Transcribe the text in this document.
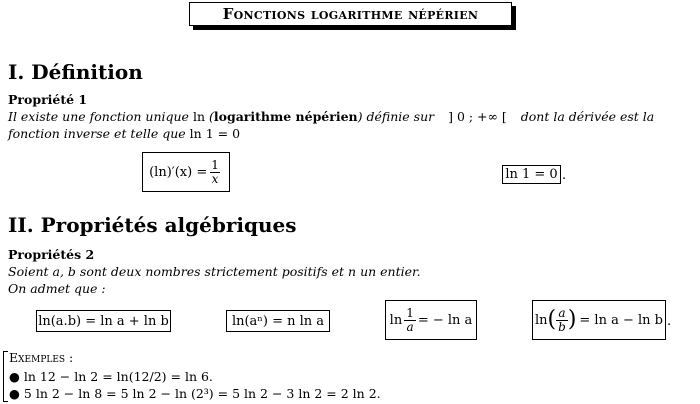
Fonctions logarithme népérien
I. Définition
Propriété 1
Il existe une fonction unique ln (logarithme népérien) définie sur ] 0 ; +∞ [ dont la dérivée est la
fonction inverse et telle que ln 1 = 0
$(\ln)'(x) = \frac{1}{x}$	ln 1 = 0 .
II. Propriétés algébriques
Propriétés 2
Soient a, b sont deux nombres strictement positifs et n un entier.
On admet que :
ln(a.b) = ln a + ln b	ln(aⁿ) = n ln a	$\ln \frac{1}{a}$ = − ln a	ln ( $\frac{a}{b}$ ) = ln a − ln b .
Exemples :
● ln 12 − ln 2 = ln(12/2) = ln 6.
● 5 ln 2 − ln 8 = 5 ln 2 − ln (2³) = 5 ln 2 − 3 ln 2 = 2 ln 2.
